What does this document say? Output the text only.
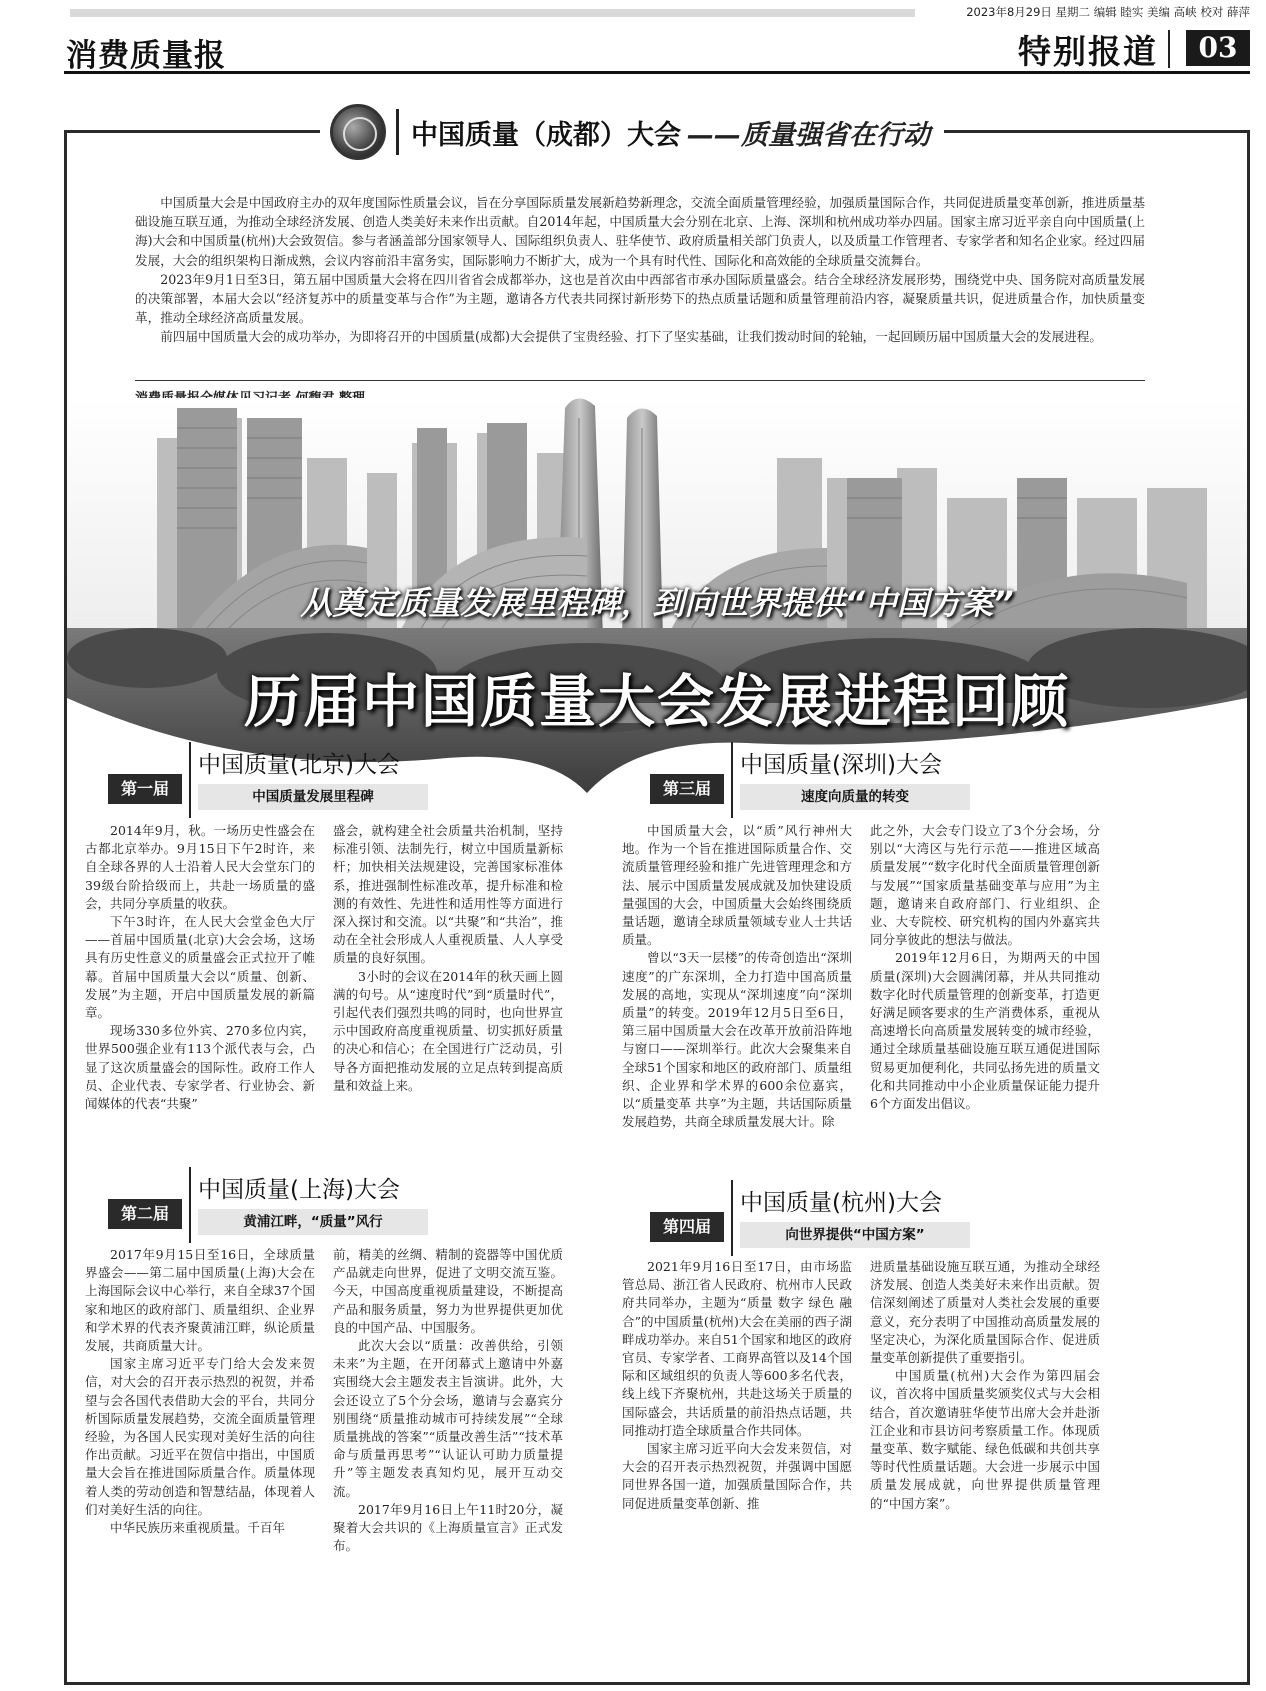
2023年8月29日 星期二 编辑 睦实 美编 高峡 校对 薛萍
消费质量报	特别报道	03
中国质量（成都）大会 ——质量强省在行动

中国质量大会是中国政府主办的双年度国际性质量会议，旨在分享国际质量发展新趋势新理念，交流全面质量管理经验，加强质量国际合作，共同促进质量变革创新，推进质量基础设施互联互通，为推动全球经济发展、创造人类美好未来作出贡献。自2014年起，中国质量大会分别在北京、上海、深圳和杭州成功举办四届。国家主席习近平亲自向中国质量(上海)大会和中国质量(杭州)大会致贺信。参与者涵盖部分国家领导人、国际组织负责人、驻华使节、政府质量相关部门负责人，以及质量工作管理者、专家学者和知名企业家。经过四届发展，大会的组织架构日渐成熟，会议内容前沿丰富务实，国际影响力不断扩大，成为一个具有时代性、国际化和高效能的全球质量交流舞台。

2023年9月1日至3日，第五届中国质量大会将在四川省省会成都举办，这也是首次由中西部省市承办国际质量盛会。结合全球经济发展形势，围绕党中央、国务院对高质量发展的决策部署，本届大会以“经济复苏中的质量变革与合作”为主题，邀请各方代表共同探讨新形势下的热点质量话题和质量管理前沿内容，凝聚质量共识，促进质量合作，加快质量变革，推动全球经济高质量发展。

前四届中国质量大会的成功举办，为即将召开的中国质量(成都)大会提供了宝贵经验、打下了坚实基础，让我们拨动时间的轮轴，一起回顾历届中国质量大会的发展进程。

从奠定质量发展里程碑，到向世界提供“中国方案”
历届中国质量大会发展进程回顾
第一届
中国质量(北京)大会
中国质量发展里程碑

2014年9月，秋。一场历史性盛会在古都北京举办。9月15日下午2时许，来自全球各界的人士沿着人民大会堂东门的39级台阶拾级而上，共赴一场质量的盛会，共同分享质量的收获。

下午3时许，在人民大会堂金色大厅——首届中国质量(北京)大会会场，这场具有历史性意义的质量盛会正式拉开了帷幕。首届中国质量大会以“质量、创新、发展”为主题，开启中国质量发展的新篇章。

现场330多位外宾、270多位内宾，世界500强企业有113个派代表与会，凸显了这次质量盛会的国际性。政府工作人员、企业代表、专家学者、行业协会、新闻媒体的代表“共聚”

盛会，就构建全社会质量共治机制，坚持标准引领、法制先行，树立中国质量新标杆；加快相关法规建设，完善国家标准体系，推进强制性标准改革，提升标准和检测的有效性、先进性和适用性等方面进行深入探讨和交流。以“共聚”和“共治”，推动在全社会形成人人重视质量、人人享受质量的良好氛围。

3小时的会议在2014年的秋天画上圆满的句号。从“速度时代”到“质量时代”，引起代表们强烈共鸣的同时，也向世界宣示中国政府高度重视质量、切实抓好质量的决心和信心；在全国进行广泛动员，引导各方面把推动发展的立足点转到提高质量和效益上来。

第二届
中国质量(上海)大会
黄浦江畔，“质量”风行

2017年9月15日至16日，全球质量界盛会——第二届中国质量(上海)大会在上海国际会议中心举行，来自全球37个国家和地区的政府部门、质量组织、企业界和学术界的代表齐聚黄浦江畔，纵论质量发展，共商质量大计。

国家主席习近平专门给大会发来贺信，对大会的召开表示热烈的祝贺，并希望与会各国代表借助大会的平台，共同分析国际质量发展趋势，交流全面质量管理经验，为各国人民实现对美好生活的向往作出贡献。习近平在贺信中指出，中国质量大会旨在推进国际质量合作。质量体现着人类的劳动创造和智慧结晶，体现着人们对美好生活的向往。

中华民族历来重视质量。千百年

前，精美的丝绸、精制的瓷器等中国优质产品就走向世界，促进了文明交流互鉴。今天，中国高度重视质量建设，不断提高产品和服务质量，努力为世界提供更加优良的中国产品、中国服务。

此次大会以“质量：改善供给，引领未来”为主题，在开闭幕式上邀请中外嘉宾围绕大会主题发表主旨演讲。此外，大会还设立了5个分会场，邀请与会嘉宾分别围绕“质量推动城市可持续发展”“全球质量挑战的答案”“质量改善生活”“技术革命与质量再思考”“认证认可助力质量提升”等主题发表真知灼见，展开互动交流。

2017年9月16日上午11时20分，凝聚着大会共识的《上海质量宣言》正式发布。

第三届
中国质量(深圳)大会
速度向质量的转变

中国质量大会，以“质”风行神州大地。作为一个旨在推进国际质量合作、交流质量管理经验和推广先进管理理念和方法、展示中国质量发展成就及加快建设质量强国的大会，中国质量大会始终围绕质量话题，邀请全球质量领域专业人士共话质量。

曾以“3天一层楼”的传奇创造出“深圳速度”的广东深圳，全力打造中国高质量发展的高地，实现从“深圳速度”向“深圳质量”的转变。2019年12月5日至6日，第三届中国质量大会在改革开放前沿阵地与窗口——深圳举行。此次大会聚集来自全球51个国家和地区的政府部门、质量组织、企业界和学术界的600余位嘉宾，以“质量变革 共享”为主题，共话国际质量发展趋势，共商全球质量发展大计。除

此之外，大会专门设立了3个分会场，分别以“大湾区与先行示范——推进区域高质量发展”“数字化时代全面质量管理创新与发展”“国家质量基础变革与应用”为主题，邀请来自政府部门、行业组织、企业、大专院校、研究机构的国内外嘉宾共同分享彼此的想法与做法。

2019年12月6日，为期两天的中国质量(深圳)大会圆满闭幕，并从共同推动数字化时代质量管理的创新变革，打造更好满足顾客要求的生产消费体系，重视从高速增长向高质量发展转变的城市经验，通过全球质量基础设施互联互通促进国际贸易更加便利化，共同弘扬先进的质量文化和共同推动中小企业质量保证能力提升6个方面发出倡议。

第四届
中国质量(杭州)大会
向世界提供“中国方案”

2021年9月16日至17日，由市场监管总局、浙江省人民政府、杭州市人民政府共同举办，主题为“质量 数字 绿色 融合”的中国质量(杭州)大会在美丽的西子湖畔成功举办。来自51个国家和地区的政府官员、专家学者、工商界高管以及14个国际和区域组织的负责人等600多名代表，线上线下齐聚杭州，共赴这场关于质量的国际盛会，共话质量的前沿热点话题，共同推动打造全球质量合作共同体。

国家主席习近平向大会发来贺信，对大会的召开表示热烈祝贺，并强调中国愿同世界各国一道，加强质量国际合作，共同促进质量变革创新、推

进质量基础设施互联互通，为推动全球经济发展、创造人类美好未来作出贡献。贺信深刻阐述了质量对人类社会发展的重要意义，充分表明了中国推动高质量发展的坚定决心，为深化质量国际合作、促进质量变革创新提供了重要指引。

中国质量(杭州)大会作为第四届会议，首次将中国质量奖颁奖仪式与大会相结合，首次邀请驻华使节出席大会并赴浙江企业和市县访问考察质量工作。体现质量变革、数字赋能、绿色低碳和共创共享等时代性质量话题。大会进一步展示中国质量发展成就，向世界提供质量管理的“中国方案”。
